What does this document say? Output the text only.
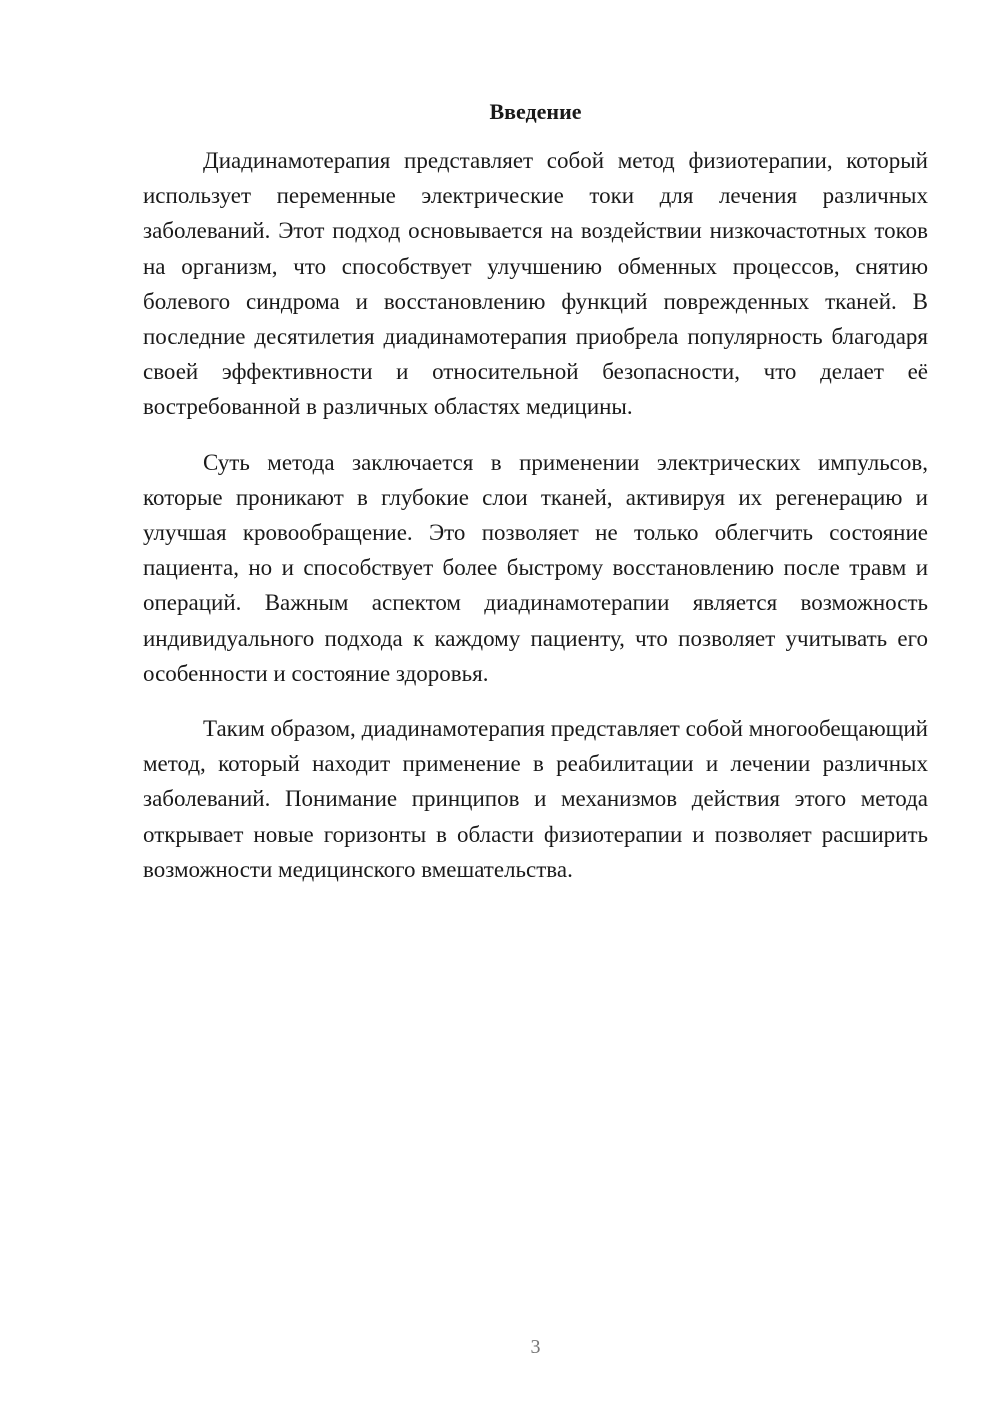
Введение

Диадинамотерапия представляет собой метод физиотерапии, который использует переменные электрические токи для лечения различных заболеваний. Этот подход основывается на воздействии низкочастотных токов на организм, что способствует улучшению обменных процессов, снятию болевого синдрома и восстановлению функций поврежденных тканей. В последние десятилетия диадинамотерапия приобрела популярность благодаря своей эффективности и относительной безопасности, что делает её востребованной в различных областях медицины.

Суть метода заключается в применении электрических импульсов, которые проникают в глубокие слои тканей, активируя их регенерацию и улучшая кровообращение. Это позволяет не только облегчить состояние пациента, но и способствует более быстрому восстановлению после травм и операций. Важным аспектом диадинамотерапии является возможность индивидуального подхода к каждому пациенту, что позволяет учитывать его особенности и состояние здоровья.

Таким образом, диадинамотерапия представляет собой многообещающий метод, который находит применение в реабилитации и лечении различных заболеваний. Понимание принципов и механизмов действия этого метода открывает новые горизонты в области физиотерапии и позволяет расширить возможности медицинского вмешательства.

3
